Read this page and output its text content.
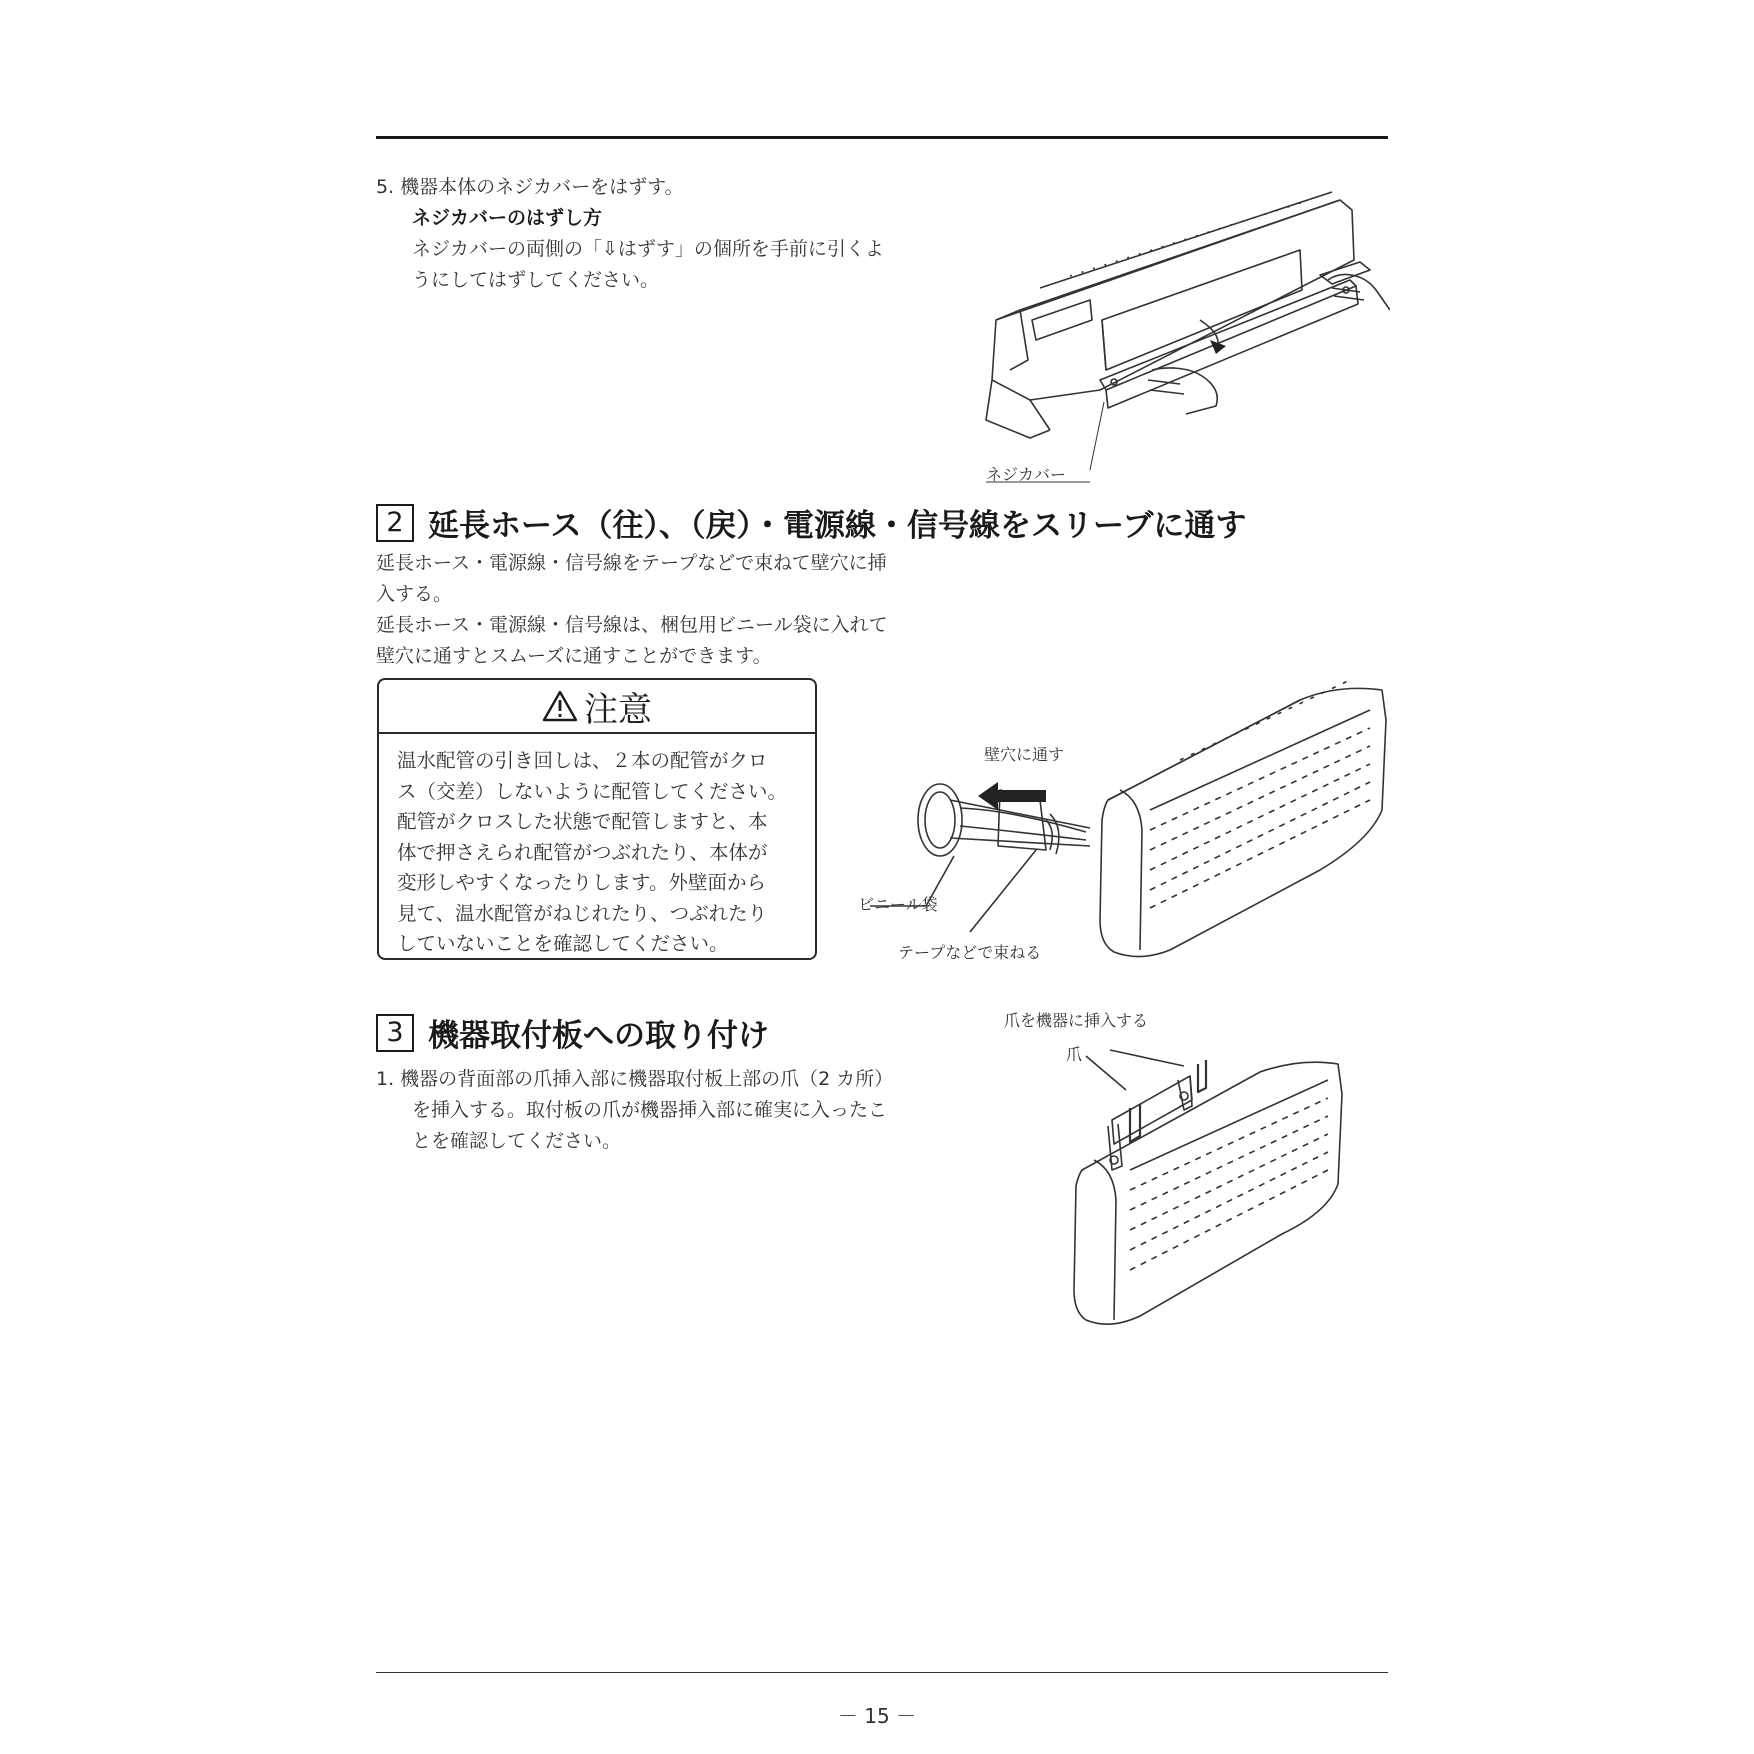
5. 機器本体のネジカバーをはずす。
ネジカバーのはずし方
ネジカバーの両側の「⇩はずす」の個所を手前に引くよ
うにしてはずしてください。
ネジカバー
2 延長ホース（往）、（戻）・電源線・信号線をスリーブに通す
延長ホース・電源線・信号線をテープなどで束ねて壁穴に挿
入する。
延長ホース・電源線・信号線は、梱包用ビニール袋に入れて
壁穴に通すとスムーズに通すことができます。
注意
温水配管の引き回しは、２本の配管がクロ
ス（交差）しないように配管してください。
配管がクロスした状態で配管しますと、本
体で押さえられ配管がつぶれたり、本体が
変形しやすくなったりします。外壁面から
見て、温水配管がねじれたり、つぶれたり
していないことを確認してください。
壁穴に通す
ビニール袋
テープなどで束ねる
3 機器取付板への取り付け
1. 機器の背面部の爪挿入部に機器取付板上部の爪（2 カ所）
を挿入する。取付板の爪が機器挿入部に確実に入ったこ
とを確認してください。
爪を機器に挿入する
爪
－ 15 －
